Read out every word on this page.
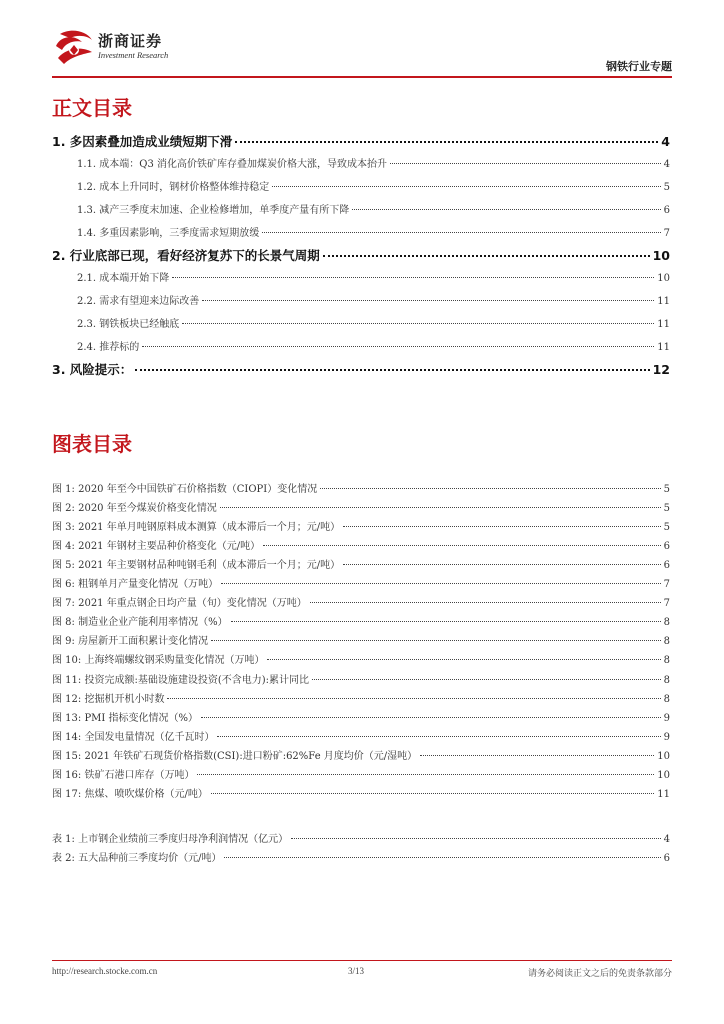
浙商证券
Investment Research
钢铁行业专题
正文目录
1. 多因素叠加造成业绩短期下滑	4
1.1. 成本端：Q3 消化高价铁矿库存叠加煤炭价格大涨，导致成本抬升	4
1.2. 成本上升同时，钢材价格整体维持稳定	5
1.3. 减产三季度末加速、企业检修增加，单季度产量有所下降	6
1.4. 多重因素影响，三季度需求短期放缓	7
2. 行业底部已现，看好经济复苏下的长景气周期	10
2.1. 成本端开始下降	10
2.2. 需求有望迎来边际改善	11
2.3. 钢铁板块已经触底	11
2.4. 推荐标的	11
3. 风险提示：	12
图表目录
图 1: 2020 年至今中国铁矿石价格指数（CIOPI）变化情况	5
图 2: 2020 年至今煤炭价格变化情况	5
图 3: 2021 年单月吨钢原料成本测算（成本滞后一个月；元/吨）	5
图 4: 2021 年钢材主要品种价格变化（元/吨）	6
图 5: 2021 年主要钢材品种吨钢毛利（成本滞后一个月；元/吨）	6
图 6: 粗钢单月产量变化情况（万吨）	7
图 7: 2021 年重点钢企日均产量（旬）变化情况（万吨）	7
图 8: 制造业企业产能利用率情况（%）	8
图 9: 房屋新开工面积累计变化情况	8
图 10: 上海终端螺纹钢采购量变化情况（万吨）	8
图 11: 投资完成额:基础设施建设投资(不含电力):累计同比	8
图 12: 挖掘机开机小时数	8
图 13: PMI 指标变化情况（%）	9
图 14: 全国发电量情况（亿千瓦时）	9
图 15: 2021 年铁矿石现货价格指数(CSI):进口粉矿:62%Fe 月度均价（元/湿吨）	10
图 16: 铁矿石港口库存（万吨）	10
图 17: 焦煤、喷吹煤价格（元/吨）	11
表 1: 上市钢企业绩前三季度归母净利润情况（亿元）	4
表 2: 五大品种前三季度均价（元/吨）	6
http://research.stocke.com.cn	3/13	请务必阅读正文之后的免责条款部分
